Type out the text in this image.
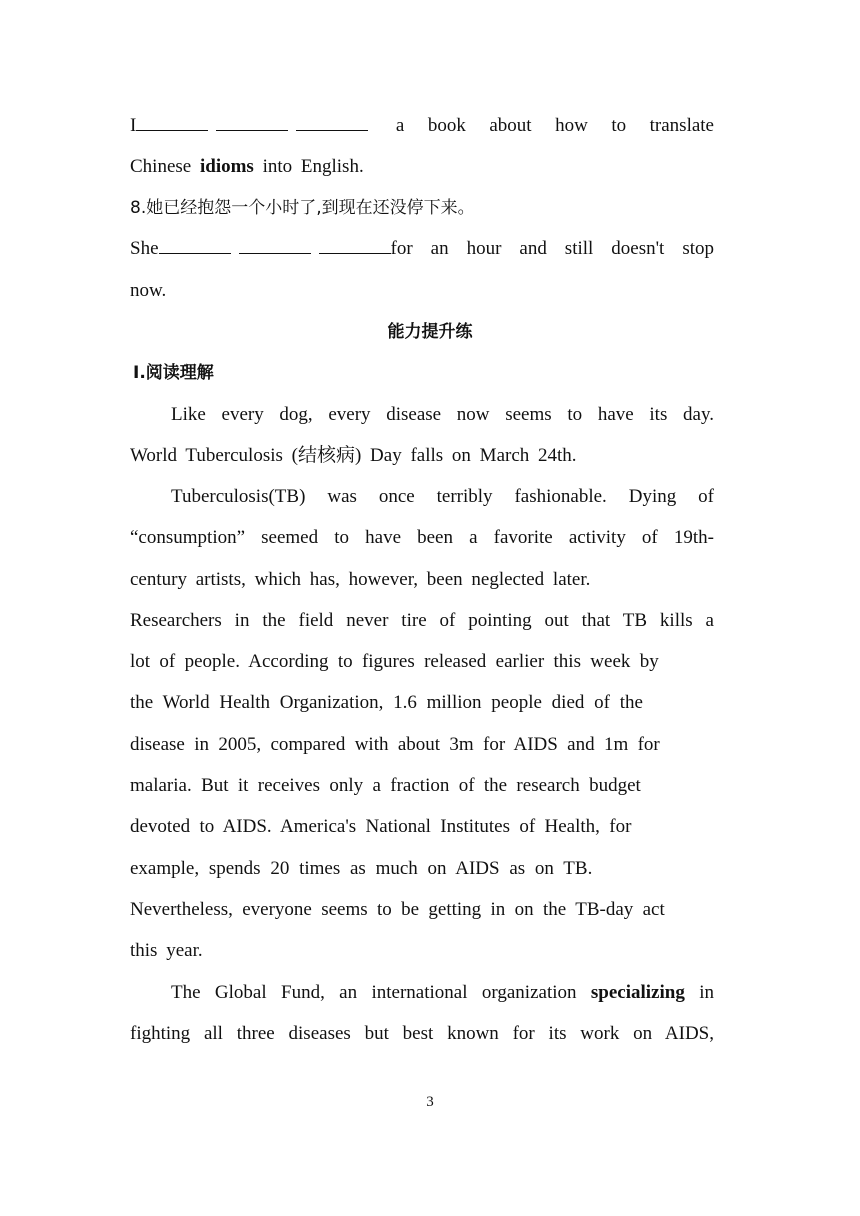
I	a book about how to translate
Chinese idioms into English.
8.她已经抱怨一个小时了,到现在还没停下来。
She	for an hour and still doesn't stop
now.
能力提升练
Ⅰ.阅读理解
Like every dog, every disease now seems to have its day.
World Tuberculosis (结核病) Day falls on March 24th.
Tuberculosis(TB) was once terribly fashionable. Dying of
“consumption” seemed to have been a favorite activity of 19th-
century artists, which has, however, been neglected later.
Researchers in the field never tire of pointing out that TB kills a
lot of people. According to figures released earlier this week by
the World Health Organization, 1.6 million people died of the
disease in 2005, compared with about 3m for AIDS and 1m for
malaria. But it receives only a fraction of the research budget
devoted to AIDS. America's National Institutes of Health, for
example, spends 20 times as much on AIDS as on TB.
Nevertheless, everyone seems to be getting in on the TB-day act
this year.
The Global Fund, an international organization specializing in
fighting all three diseases but best known for its work on AIDS,
3
